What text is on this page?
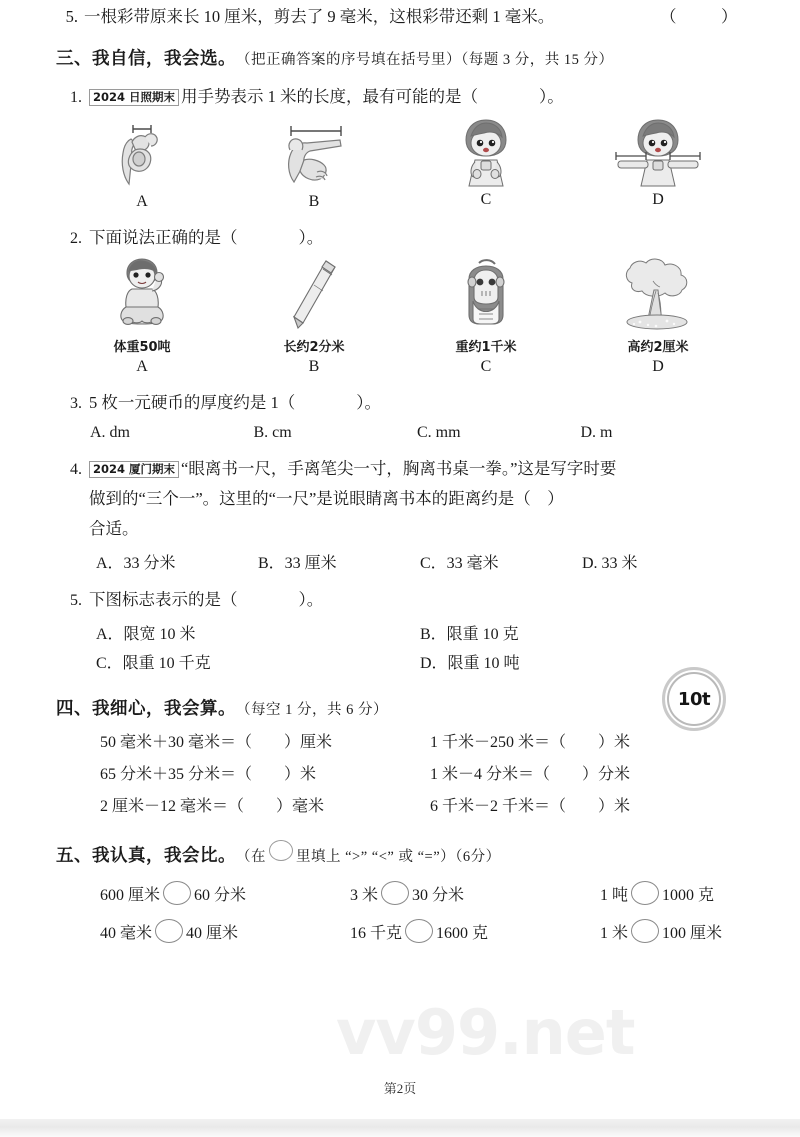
vv99.net
5. 一根彩带原来长 10 厘米，剪去了 9 毫米，这根彩带还剩 1 毫米。	（　）
三、我自信，我会选。 （把正确答案的序号填在括号里）（每题 3 分，共 15 分）
1. 2024 日照期末 用手势表示 1 米的长度，最有可能的是（　　	）。
A	B	C	D
2. 下面说法正确的是（　　	）。
体重50吨
A
长约2分米
B
重约1千米
C
高约2厘米
D
3. 5 枚一元硬币的厚度约是 1（　　	）。
A. dm	B. cm	C. mm	D. m
4. 2024 厦门期末 “眼离书一尺，手离笔尖一寸，胸离书桌一拳。”这是写字时要
做到的“三个一”。这里的“一尺”是说眼睛离书本的距离约是（　）
合适。
A．33 分米	B．33 厘米	C．33 毫米	D. 33 米
5. 下图标志表示的是（　　	）。
A．限宽 10 米	B．限重 10 克
C．限重 10 千克	D．限重 10 吨
四、我细心，我会算。 （每空 1 分，共 6 分）
50 毫米＋30 毫米＝（　　）厘米	1 千米－250 米＝（　　）米
65 分米＋35 分米＝（　　）米	1 米－4 分米＝（　　）分米
2 厘米－12 毫米＝（　　）毫米	6 千米－2 千米＝（　　）米
五、我认真，我会比。 （在 里填上 “>” “<” 或 “=”）（6分）
600 厘米 60 分米	3 米 30 分米	1 吨 1000 克
40 毫米 40 厘米	16 千克 1600 克	1 米 100 厘米
10t
第2页
